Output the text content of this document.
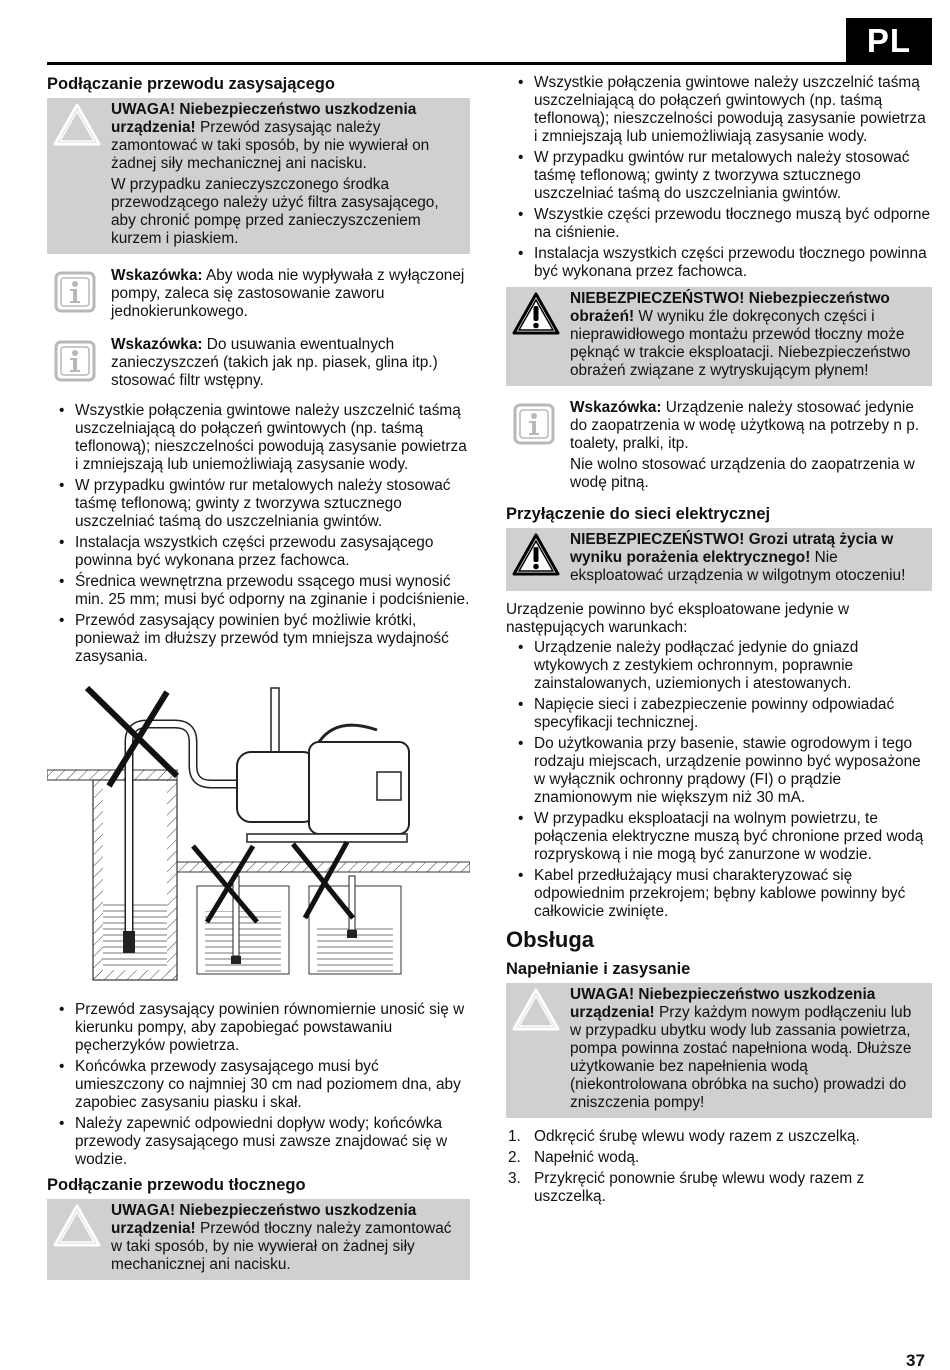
PL
Podłączanie przewodu zasysającego

UWAGA! Niebezpieczeństwo uszkodzenia urządzenia! Przewód zasysając należy zamontować w taki sposób, by nie wywierał on żadnej siły mechanicznej ani nacisku.

W przypadku zanieczyszczonego środka przewodzącego należy użyć filtra zasysającego, aby chronić pompę przed zanieczyszczeniem kurzem i piaskiem.

Wskazówka: Aby woda nie wypływała z wyłączonej pompy, zaleca się zastosowanie zaworu jednokierunkowego.

Wskazówka: Do usuwania ewentualnych zanieczyszczeń (takich jak np. piasek, glina itp.) stosować filtr wstępny.

• Wszystkie połączenia gwintowe należy uszczelnić taśmą uszczelniającą do połączeń gwintowych (np. taśmą teflonową); nieszczelności powodują zasysanie powietrza i zmniejszają lub uniemożliwiają zasysanie wody.
• W przypadku gwintów rur metalowych należy stosować taśmę teflonową; gwinty z tworzywa sztucznego uszczelniać taśmą do uszczelniania gwintów.
• Instalacja wszystkich części przewodu zasysającego powinna być wykonana przez fachowca.
• Średnica wewnętrzna przewodu ssącego musi wynosić min. 25 mm; musi być odporny na zginanie i podciśnienie.
• Przewód zasysający powinien być możliwie krótki, ponieważ im dłuższy przewód tym mniejsza wydajność zasysania.
• Przewód zasysający powinien równomiernie unosić się w kierunku pompy, aby zapobiegać powstawaniu pęcherzyków powietrza.
• Końcówka przewody zasysającego musi być umieszczony co najmniej 30 cm nad poziomem dna, aby zapobiec zasysaniu piasku i skał.
• Należy zapewnić odpowiedni dopływ wody; końcówka przewody zasysającego musi zawsze znajdować się w wodzie.
Podłączanie przewodu tłocznego

UWAGA! Niebezpieczeństwo uszkodzenia urządzenia! Przewód tłoczny należy zamontować w taki sposób, by nie wywierał on żadnej siły mechanicznej ani nacisku.

• Wszystkie połączenia gwintowe należy uszczelnić taśmą uszczelniającą do połączeń gwintowych (np. taśmą teflonową); nieszczelności powodują zasysanie powietrza i zmniejszają lub uniemożliwiają zasysanie wody.
• W przypadku gwintów rur metalowych należy stosować taśmę teflonową; gwinty z tworzywa sztucznego uszczelniać taśmą do uszczelniania gwintów.
• Wszystkie części przewodu tłocznego muszą być odporne na ciśnienie.
• Instalacja wszystkich części przewodu tłocznego powinna być wykonana przez fachowca.

NIEBEZPIECZEŃSTWO! Niebezpieczeństwo obrażeń! W wyniku źle dokręconych części i nieprawidłowego montażu przewód tłoczny może pęknąć w trakcie eksploatacji. Niebezpieczeństwo obrażeń związane z wytryskującym płynem!

Wskazówka: Urządzenie należy stosować jedynie do zaopatrzenia w wodę użytkową na potrzeby n p. toalety, pralki, itp.

Nie wolno stosować urządzenia do zaopatrzenia w wodę pitną.

Przyłączenie do sieci elektrycznej

NIEBEZPIECZEŃSTWO! Grozi utratą życia w wyniku porażenia elektrycznego! Nie eksploatować urządzenia w wilgotnym otoczeniu!

Urządzenie powinno być eksploatowane jedynie w następujących warunkach:

• Urządzenie należy podłączać jedynie do gniazd wtykowych z zestykiem ochronnym, poprawnie zainstalowanych, uziemionych i atestowanych.
• Napięcie sieci i zabezpieczenie powinny odpowiadać specyfikacji technicznej.
• Do użytkowania przy basenie, stawie ogrodowym i tego rodzaju miejscach, urządzenie powinno być wyposażone w wyłącznik ochronny prądowy (FI) o prądzie znamionowym nie większym niż 30 mA.
• W przypadku eksploatacji na wolnym powietrzu, te połączenia elektryczne muszą być chronione przed wodą rozpryskową i nie mogą być zanurzone w wodzie.
• Kabel przedłużający musi charakteryzować się odpowiednim przekrojem; bębny kablowe powinny być całkowicie zwinięte.
Obsługa
Napełnianie i zasysanie

UWAGA! Niebezpieczeństwo uszkodzenia urządzenia! Przy każdym nowym podłączeniu lub w przypadku ubytku wody lub zassania powietrza, pompa powinna zostać napełniona wodą. Dłuższe użytkowanie bez napełnienia wodą (niekontrolowana obróbka na sucho) prowadzi do zniszczenia pompy!

1. Odkręcić śrubę wlewu wody razem z uszczelką.
2. Napełnić wodą.
3. Przykręcić ponownie śrubę wlewu wody razem z uszczelką.
37
